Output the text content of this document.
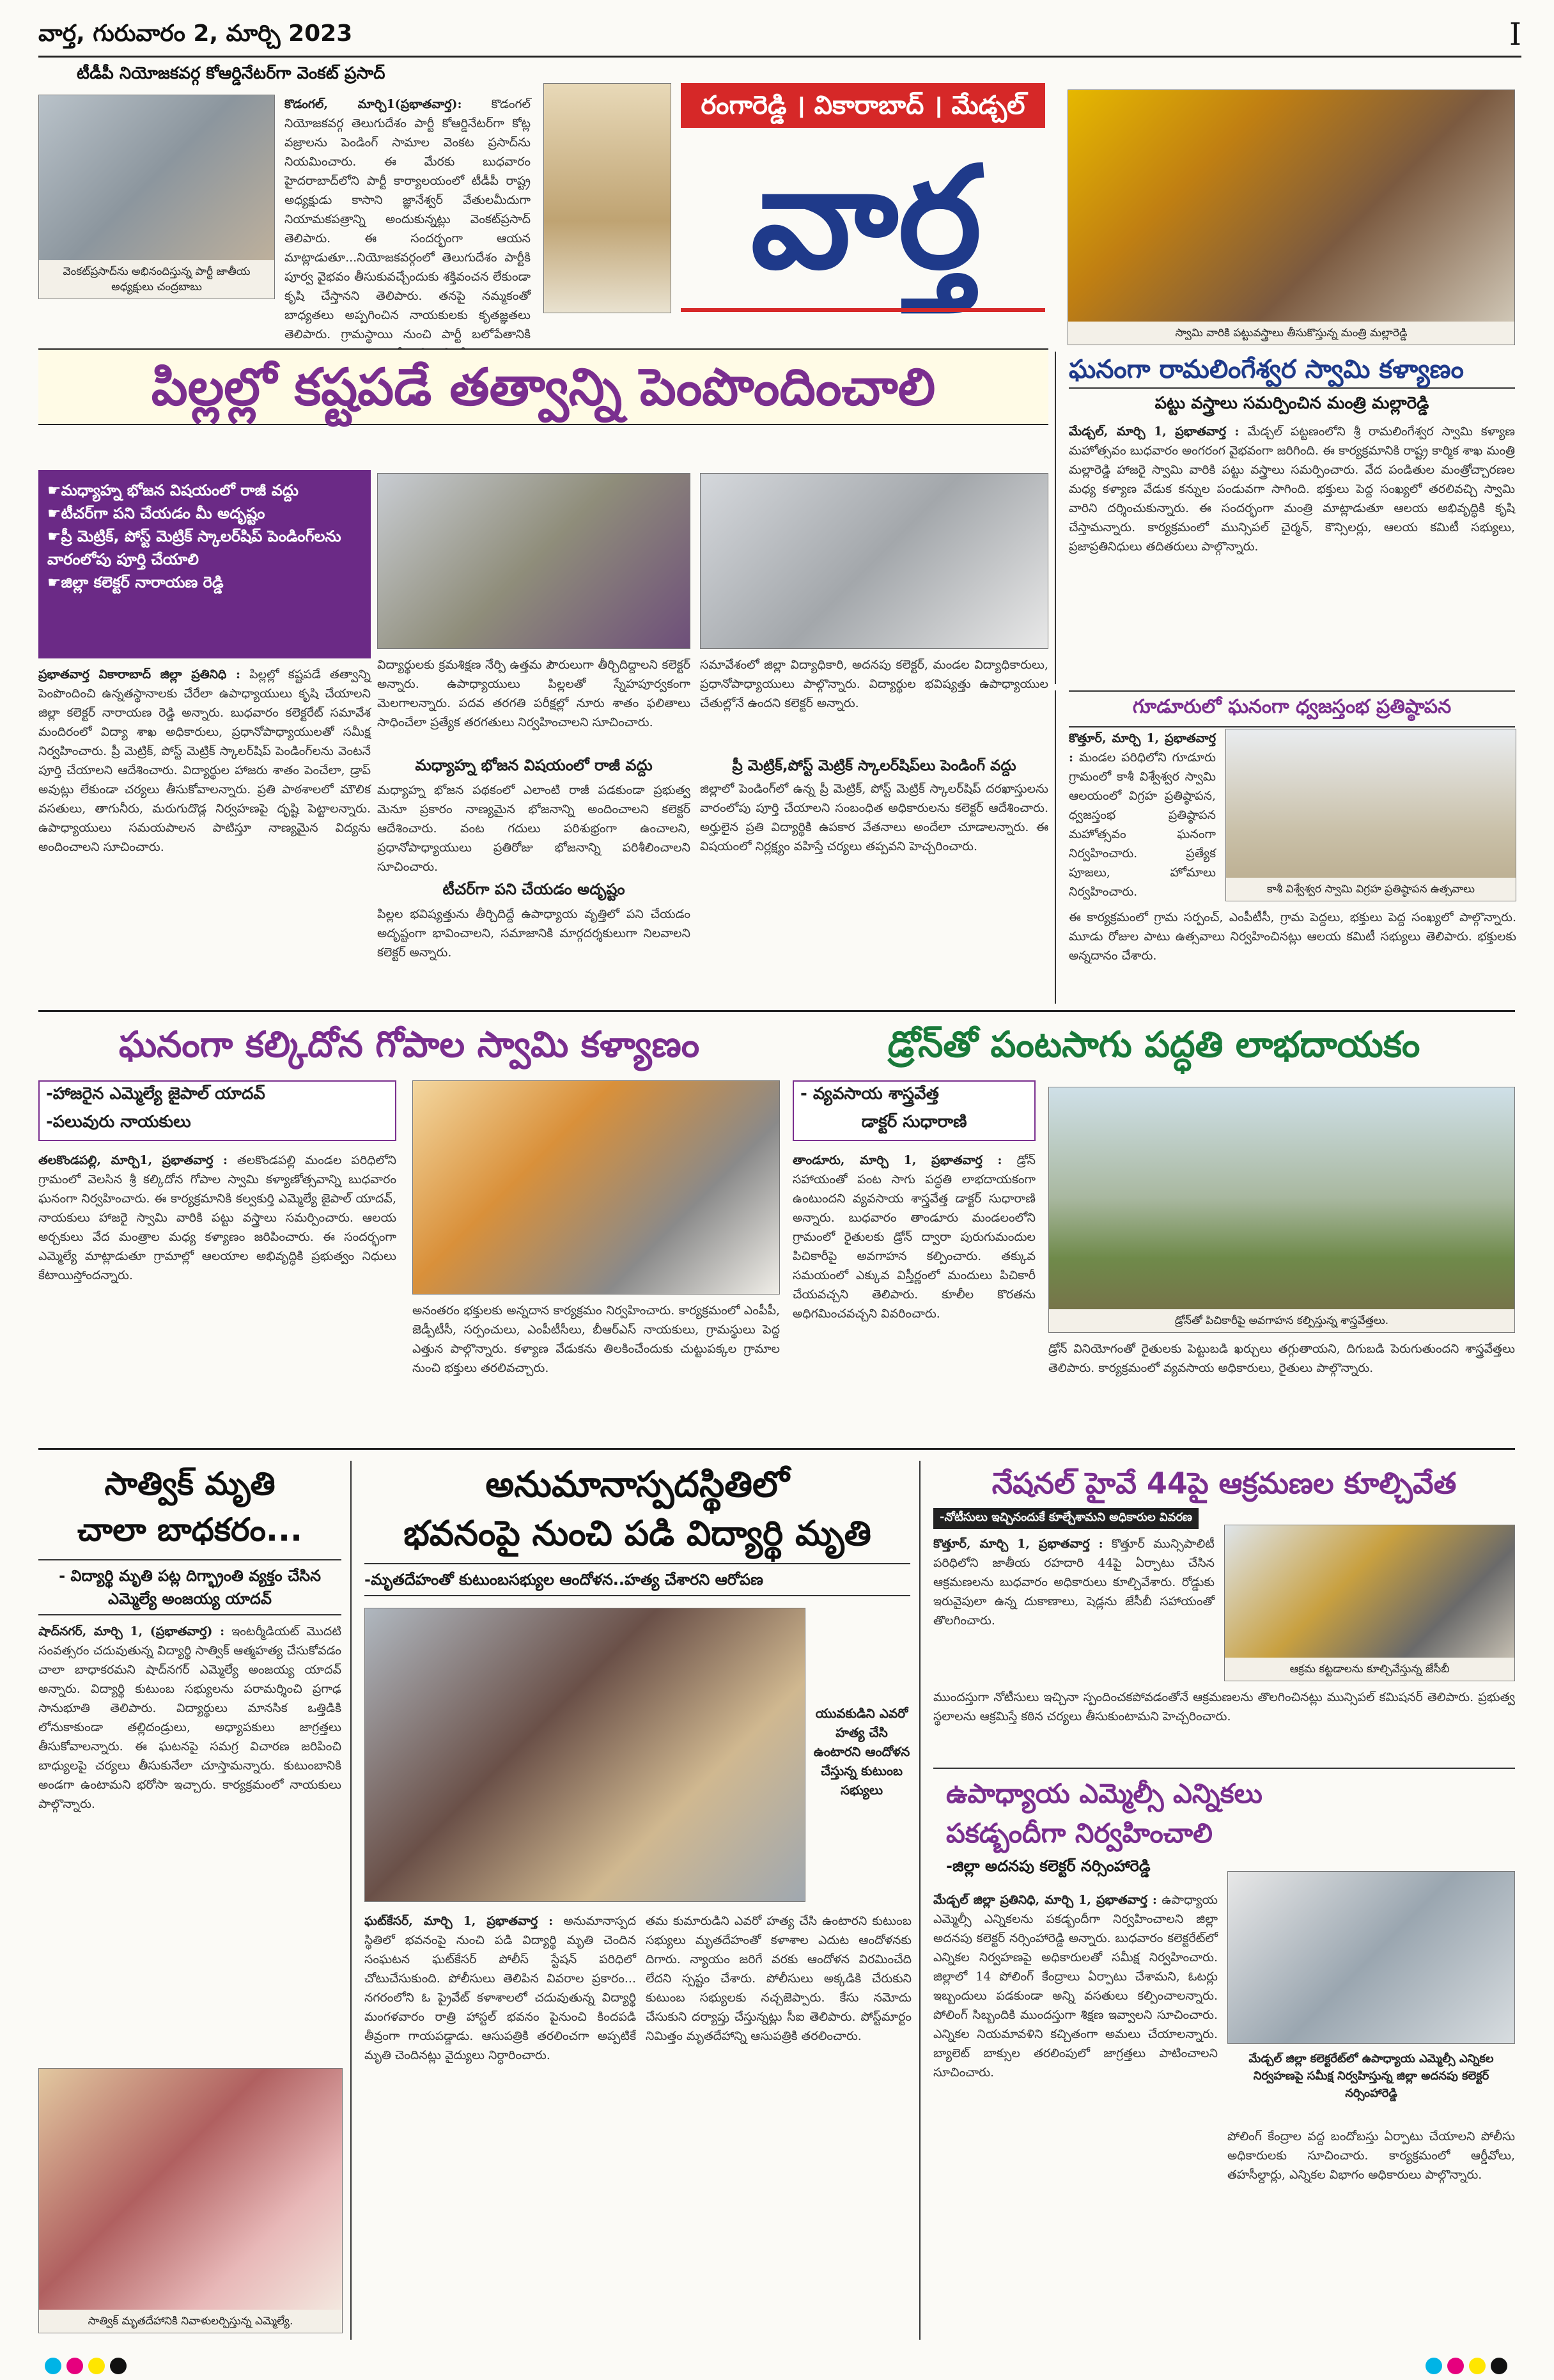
వార్త, గురువారం 2, మార్చి 2023	I
టీడీపీ నియోజకవర్గ కోఆర్డినేటర్‌గా వెంకట్ ప్రసాద్
వెంకట్‌ప్రసాద్‌ను అభినందిస్తున్న పార్టీ జాతీయ అధ్యక్షులు చంద్రబాబు
కొడంగల్, మార్చి1(ప్రభాతవార్త): కొడంగల్ నియోజకవర్గ తెలుగుదేశం పార్టీ కోఆర్డినేటర్‌గా కోట్ల వజ్రాలను పెండింగ్ సామాల వెంకట ప్రసాద్‌ను నియమించారు. ఈ మేరకు బుధవారం హైదరాబాద్‌లోని పార్టీ కార్యాలయంలో టీడీపీ రాష్ట్ర అధ్యక్షుడు కాసాని జ్ఞానేశ్వర్ వేతులమీదుగా నియామకపత్రాన్ని అందుకున్నట్లు వెంకట్‌ప్రసాద్ తెలిపారు. ఈ సందర్భంగా ఆయన మాట్లాడుతూ...నియోజకవర్గంలో తెలుగుదేశం పార్టీకి పూర్వ వైభవం తీసుకువచ్చేందుకు శక్తివంచన లేకుండా కృషి చేస్తానని తెలిపారు. తనపై నమ్మకంతో బాధ్యతలు అప్పగించిన నాయకులకు కృతజ్ఞతలు తెలిపారు. గ్రామస్థాయి నుంచి పార్టీ బలోపేతానికి
రంగారెడ్డి । వికారాబాద్ । మేడ్చల్
వార్త
స్వామి వారికి పట్టువస్త్రాలు తీసుకొస్తున్న మంత్రి మల్లారెడ్డి
పిల్లల్లో కష్టపడే తత్వాన్ని పెంపొందించాలి
☛మధ్యాహ్న భోజన విషయంలో రాజీ వద్దు
☛టీచర్‌గా పని చేయడం మీ అదృష్టం
☛ప్రీ మెట్రిక్, పోస్ట్ మెట్రిక్ స్కాలర్‌షిప్ పెండింగ్‌లను వారంలోపు పూర్తి చేయాలి
☛జిల్లా కలెక్టర్ నారాయణ రెడ్డి
ప్రభాతవార్త వికారాబాద్ జిల్లా ప్రతినిధి : పిల్లల్లో కష్టపడే తత్వాన్ని పెంపొందించి ఉన్నతస్థానాలకు చేరేలా ఉపాధ్యాయులు కృషి చేయాలని జిల్లా కలెక్టర్ నారాయణ రెడ్డి అన్నారు. బుధవారం కలెక్టరేట్ సమావేశ మందిరంలో విద్యా శాఖ అధికారులు, ప్రధానోపాధ్యాయులతో సమీక్ష నిర్వహించారు. ప్రీ మెట్రిక్, పోస్ట్ మెట్రిక్ స్కాలర్‌షిప్ పెండింగ్‌లను వెంటనే పూర్తి చేయాలని ఆదేశించారు. విద్యార్థుల హాజరు శాతం పెంచేలా, డ్రాప్ అవుట్లు లేకుండా చర్యలు తీసుకోవాలన్నారు. ప్రతి పాఠశాలలో మౌలిక వసతులు, తాగునీరు, మరుగుదొడ్ల నిర్వహణపై దృష్టి పెట్టాలన్నారు. ఉపాధ్యాయులు సమయపాలన పాటిస్తూ నాణ్యమైన విద్యను అందించాలని సూచించారు.
విద్యార్థులకు క్రమశిక్షణ నేర్పి ఉత్తమ పౌరులుగా తీర్చిదిద్దాలని కలెక్టర్ అన్నారు. ఉపాధ్యాయులు పిల్లలతో స్నేహపూర్వకంగా మెలగాలన్నారు. పదవ తరగతి పరీక్షల్లో నూరు శాతం ఫలితాలు సాధించేలా ప్రత్యేక తరగతులు నిర్వహించాలని సూచించారు.
మధ్యాహ్న భోజన విషయంలో రాజీ వద్దు
మధ్యాహ్న భోజన పథకంలో ఎలాంటి రాజీ పడకుండా ప్రభుత్వ మెనూ ప్రకారం నాణ్యమైన భోజనాన్ని అందించాలని కలెక్టర్ ఆదేశించారు. వంట గదులు పరిశుభ్రంగా ఉంచాలని, ప్రధానోపాధ్యాయులు ప్రతిరోజు భోజనాన్ని పరిశీలించాలని సూచించారు.
టీచర్‌గా పని చేయడం అదృష్టం
పిల్లల భవిష్యత్తును తీర్చిదిద్దే ఉపాధ్యాయ వృత్తిలో పని చేయడం అదృష్టంగా భావించాలని, సమాజానికి మార్గదర్శకులుగా నిలవాలని కలెక్టర్ అన్నారు.
సమావేశంలో జిల్లా విద్యాధికారి, అదనపు కలెక్టర్, మండల విద్యాధికారులు, ప్రధానోపాధ్యాయులు పాల్గొన్నారు. విద్యార్థుల భవిష్యత్తు ఉపాధ్యాయుల చేతుల్లోనే ఉందని కలెక్టర్ అన్నారు.
ప్రీ మెట్రిక్,పోస్ట్ మెట్రిక్ స్కాలర్‌షిప్‌లు పెండింగ్ వద్దు
జిల్లాలో పెండింగ్‌లో ఉన్న ప్రీ మెట్రిక్, పోస్ట్ మెట్రిక్ స్కాలర్‌షిప్ దరఖాస్తులను వారంలోపు పూర్తి చేయాలని సంబంధిత అధికారులను కలెక్టర్ ఆదేశించారు. అర్హులైన ప్రతి విద్యార్థికి ఉపకార వేతనాలు అందేలా చూడాలన్నారు. ఈ విషయంలో నిర్లక్ష్యం వహిస్తే చర్యలు తప్పవని హెచ్చరించారు.
ఘనంగా రామలింగేశ్వర స్వామి కళ్యాణం
పట్టు వస్త్రాలు సమర్పించిన మంత్రి మల్లారెడ్డి
మేడ్చల్, మార్చి 1, ప్రభాతవార్త : మేడ్చల్ పట్టణంలోని శ్రీ రామలింగేశ్వర స్వామి కళ్యాణ మహోత్సవం బుధవారం అంగరంగ వైభవంగా జరిగింది. ఈ కార్యక్రమానికి రాష్ట్ర కార్మిక శాఖ మంత్రి మల్లారెడ్డి హాజరై స్వామి వారికి పట్టు వస్త్రాలు సమర్పించారు. వేద పండితుల మంత్రోచ్చారణల మధ్య కళ్యాణ వేడుక కన్నుల పండువగా సాగింది. భక్తులు పెద్ద సంఖ్యలో తరలివచ్చి స్వామి వారిని దర్శించుకున్నారు. ఈ సందర్భంగా మంత్రి మాట్లాడుతూ ఆలయ అభివృద్ధికి కృషి చేస్తామన్నారు. కార్యక్రమంలో మున్సిపల్ చైర్మన్, కౌన్సిలర్లు, ఆలయ కమిటీ సభ్యులు, ప్రజాప్రతినిధులు తదితరులు పాల్గొన్నారు.
గూడూరులో ఘనంగా ధ్వజస్తంభ ప్రతిష్ఠాపన
కొత్తూర్, మార్చి 1, ప్రభాతవార్త : మండల పరిధిలోని గూడూరు గ్రామంలో కాశీ విశ్వేశ్వర స్వామి ఆలయంలో విగ్రహ ప్రతిష్ఠాపన, ధ్వజస్తంభ ప్రతిష్ఠాపన మహోత్సవం ఘనంగా నిర్వహించారు. ప్రత్యేక పూజలు, హోమాలు నిర్వహించారు.	కాశీ విశ్వేశ్వర స్వామి విగ్రహ ప్రతిష్ఠాపన ఉత్సవాలు
ఈ కార్యక్రమంలో గ్రామ సర్పంచ్, ఎంపీటీసీ, గ్రామ పెద్దలు, భక్తులు పెద్ద సంఖ్యలో పాల్గొన్నారు. మూడు రోజుల పాటు ఉత్సవాలు నిర్వహించినట్లు ఆలయ కమిటీ సభ్యులు తెలిపారు. భక్తులకు అన్నదానం చేశారు.
ఘనంగా కల్కిదోన గోపాల స్వామి కళ్యాణం	డ్రోన్‌తో పంటసాగు పద్ధతి లాభదాయకం
-హాజరైన ఎమ్మెల్యే జైపాల్ యాదవ్
-పలువురు నాయకులు
తలకొండపల్లి, మార్చి1, ప్రభాతవార్త : తలకొండపల్లి మండల పరిధిలోని గ్రామంలో వెలసిన శ్రీ కల్కిదోన గోపాల స్వామి కళ్యాణోత్సవాన్ని బుధవారం ఘనంగా నిర్వహించారు. ఈ కార్యక్రమానికి కల్వకుర్తి ఎమ్మెల్యే జైపాల్ యాదవ్, నాయకులు హాజరై స్వామి వారికి పట్టు వస్త్రాలు సమర్పించారు. ఆలయ అర్చకులు వేద మంత్రాల మధ్య కళ్యాణం జరిపించారు. ఈ సందర్భంగా ఎమ్మెల్యే మాట్లాడుతూ గ్రామాల్లో ఆలయాల అభివృద్ధికి ప్రభుత్వం నిధులు కేటాయిస్తోందన్నారు.
అనంతరం భక్తులకు అన్నదాన కార్యక్రమం నిర్వహించారు. కార్యక్రమంలో ఎంపీపీ, జెడ్పీటీసీ, సర్పంచులు, ఎంపీటీసీలు, బీఆర్ఎస్ నాయకులు, గ్రామస్థులు పెద్ద ఎత్తున పాల్గొన్నారు. కళ్యాణ వేడుకను తిలకించేందుకు చుట్టుపక్కల గ్రామాల నుంచి భక్తులు తరలివచ్చారు.
- వ్యవసాయ శాస్త్రవేత్త
డాక్టర్ సుధారాణి
తాండూరు, మార్చి 1, ప్రభాతవార్త : డ్రోన్ సహాయంతో పంట సాగు పద్ధతి లాభదాయకంగా ఉంటుందని వ్యవసాయ శాస్త్రవేత్త డాక్టర్ సుధారాణి అన్నారు. బుధవారం తాండూరు మండలంలోని గ్రామంలో రైతులకు డ్రోన్ ద్వారా పురుగుమందుల పిచికారీపై అవగాహన కల్పించారు. తక్కువ సమయంలో ఎక్కువ విస్తీర్ణంలో మందులు పిచికారీ చేయవచ్చని తెలిపారు. కూలీల కొరతను అధిగమించవచ్చని వివరించారు.	డ్రోన్‌తో పిచికారీపై అవగాహన కల్పిస్తున్న శాస్త్రవేత్తలు.
డ్రోన్ వినియోగంతో రైతులకు పెట్టుబడి ఖర్చులు తగ్గుతాయని, దిగుబడి పెరుగుతుందని శాస్త్రవేత్తలు తెలిపారు. కార్యక్రమంలో వ్యవసాయ అధికారులు, రైతులు పాల్గొన్నారు.
సాత్విక్ మృతి
చాలా బాధకరం...
- విద్యార్థి మృతి పట్ల దిగ్భ్రాంతి వ్యక్తం చేసిన ఎమ్మెల్యే అంజయ్య యాదవ్
షాద్‌నగర్, మార్చి 1, (ప్రభాతవార్త) : ఇంటర్మీడియట్ మొదటి సంవత్సరం చదువుతున్న విద్యార్థి సాత్విక్ ఆత్మహత్య చేసుకోవడం చాలా బాధాకరమని షాద్‌నగర్ ఎమ్మెల్యే అంజయ్య యాదవ్ అన్నారు. విద్యార్థి కుటుంబ సభ్యులను పరామర్శించి ప్రగాఢ సానుభూతి తెలిపారు. విద్యార్థులు మానసిక ఒత్తిడికి లోనుకాకుండా తల్లిదండ్రులు, అధ్యాపకులు జాగ్రత్తలు తీసుకోవాలన్నారు. ఈ ఘటనపై సమగ్ర విచారణ జరిపించి బాధ్యులపై చర్యలు తీసుకునేలా చూస్తామన్నారు. కుటుంబానికి అండగా ఉంటామని భరోసా ఇచ్చారు. కార్యక్రమంలో నాయకులు పాల్గొన్నారు.
సాత్విక్ మృతదేహానికి నివాళులర్పిస్తున్న ఎమ్మెల్యే.
అనుమానాస్పదస్థితిలో
భవనంపై నుంచి పడి విద్యార్థి మృతి
-మృతదేహంతో కుటుంబసభ్యుల ఆందోళన..హత్య చేశారని ఆరోపణ
యువకుడిని ఎవరో హత్య చేసి ఉంటారని ఆందోళన చేస్తున్న కుటుంబ సభ్యులు
ఘట్‌కేసర్, మార్చి 1, ప్రభాతవార్త : అనుమానాస్పద స్థితిలో భవనంపై నుంచి పడి విద్యార్థి మృతి చెందిన సంఘటన ఘట్‌కేసర్ పోలీస్ స్టేషన్ పరిధిలో చోటుచేసుకుంది. పోలీసులు తెలిపిన వివరాల ప్రకారం... నగరంలోని ఓ ప్రైవేట్ కళాశాలలో చదువుతున్న విద్యార్థి మంగళవారం రాత్రి హాస్టల్ భవనం పైనుంచి కిందపడి తీవ్రంగా గాయపడ్డాడు. ఆసుపత్రికి తరలించగా అప్పటికే మృతి చెందినట్లు వైద్యులు నిర్ధారించారు.
తమ కుమారుడిని ఎవరో హత్య చేసి ఉంటారని కుటుంబ సభ్యులు మృతదేహంతో కళాశాల ఎదుట ఆందోళనకు దిగారు. న్యాయం జరిగే వరకు ఆందోళన విరమించేది లేదని స్పష్టం చేశారు. పోలీసులు అక్కడికి చేరుకుని కుటుంబ సభ్యులకు నచ్చజెప్పారు. కేసు నమోదు చేసుకుని దర్యాప్తు చేస్తున్నట్లు సీఐ తెలిపారు. పోస్ట్‌మార్టం నిమిత్తం మృతదేహాన్ని ఆసుపత్రికి తరలించారు.
నేషనల్ హైవే 44పై ఆక్రమణల కూల్చివేత
-నోటీసులు ఇచ్చినందుకే కూల్చేశామని అధికారుల వివరణ
కొత్తూర్, మార్చి 1, ప్రభాతవార్త : కొత్తూర్ మున్సిపాలిటీ పరిధిలోని జాతీయ రహదారి 44పై ఏర్పాటు చేసిన ఆక్రమణలను బుధవారం అధికారులు కూల్చివేశారు. రోడ్డుకు ఇరువైపులా ఉన్న దుకాణాలు, షెడ్లను జేసీబీ సహాయంతో తొలగించారు.
ఆక్రమ కట్టడాలను కూల్చివేస్తున్న జేసీబీ
ముందస్తుగా నోటీసులు ఇచ్చినా స్పందించకపోవడంతోనే ఆక్రమణలను తొలగించినట్లు మున్సిపల్ కమిషనర్ తెలిపారు. ప్రభుత్వ స్థలాలను ఆక్రమిస్తే కఠిన చర్యలు తీసుకుంటామని హెచ్చరించారు.
ఉపాధ్యాయ ఎమ్మెల్సీ ఎన్నికలు
పకడ్బందీగా నిర్వహించాలి
-జిల్లా అదనపు కలెక్టర్ నర్సింహారెడ్డి
మేడ్చల్ జిల్లా ప్రతినిధి, మార్చి 1, ప్రభాతవార్త : ఉపాధ్యాయ ఎమ్మెల్సీ ఎన్నికలను పకడ్బందీగా నిర్వహించాలని జిల్లా అదనపు కలెక్టర్ నర్సింహారెడ్డి అన్నారు. బుధవారం కలెక్టరేట్‌లో ఎన్నికల నిర్వహణపై అధికారులతో సమీక్ష నిర్వహించారు. జిల్లాలో 14 పోలింగ్ కేంద్రాలు ఏర్పాటు చేశామని, ఓటర్లు ఇబ్బందులు పడకుండా అన్ని వసతులు కల్పించాలన్నారు. పోలింగ్ సిబ్బందికి ముందస్తుగా శిక్షణ ఇవ్వాలని సూచించారు. ఎన్నికల నియమావళిని కచ్చితంగా అమలు చేయాలన్నారు. బ్యాలెట్ బాక్సుల తరలింపులో జాగ్రత్తలు పాటించాలని సూచించారు.
మేడ్చల్ జిల్లా కలెక్టరేట్‌లో ఉపాధ్యాయ ఎమ్మెల్సీ ఎన్నికల నిర్వహణపై సమీక్ష నిర్వహిస్తున్న జిల్లా అదనపు కలెక్టర్ నర్సింహారెడ్డి
పోలింగ్ కేంద్రాల వద్ద బందోబస్తు ఏర్పాటు చేయాలని పోలీసు అధికారులకు సూచించారు. కార్యక్రమంలో ఆర్డీవోలు, తహసీల్దార్లు, ఎన్నికల విభాగం అధికారులు పాల్గొన్నారు.
